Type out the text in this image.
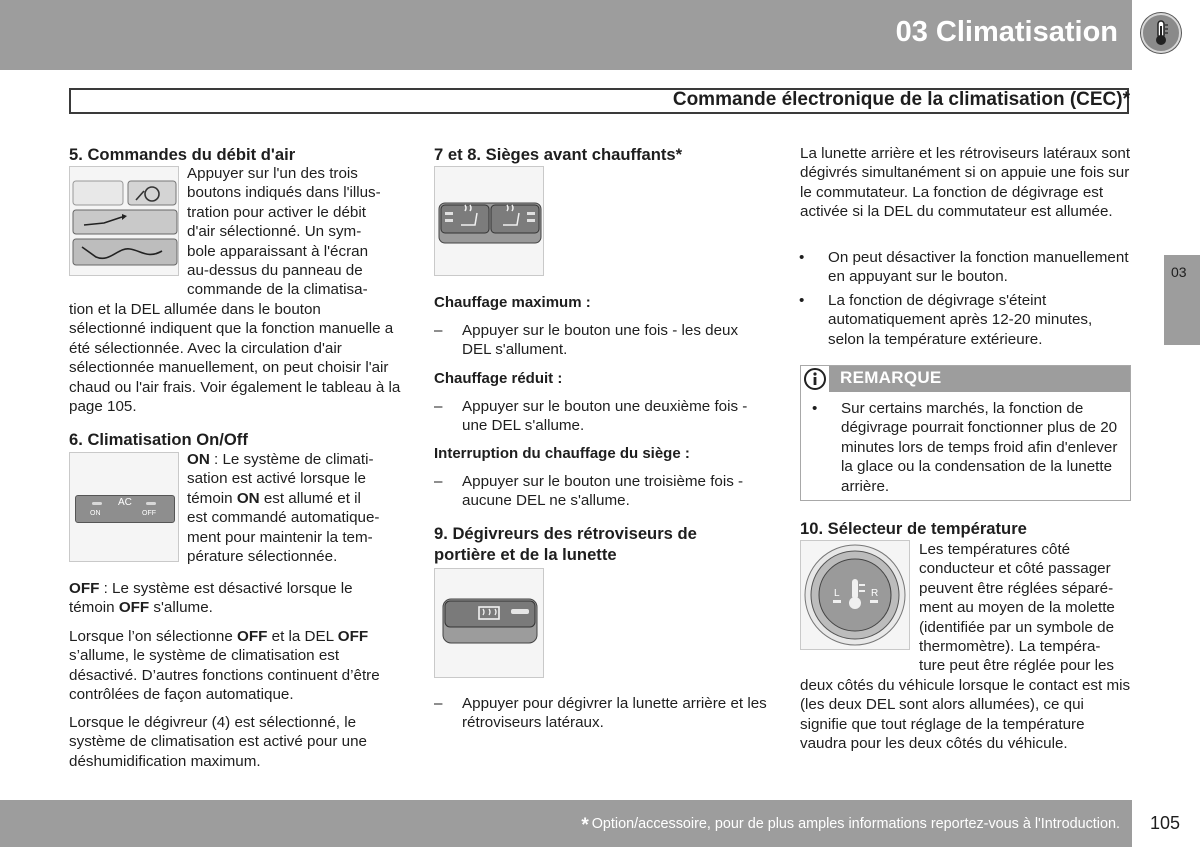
03 Climatisation
Commande électronique de la climatisation (CEC)*
03
5. Commandes du débit d'air

Appuyer sur l'un des trois

boutons indiqués dans l'illus-

tration pour activer le débit

d'air sélectionné. Un sym-

bole apparaissant à l'écran

au-dessus du panneau de

commande de la climatisa-

tion et la DEL allumée dans le bouton sélectionné indiquent que la fonction manuelle a été sélectionnée. Avec la circulation d'air sélectionnée manuellement, on peut choisir l'air chaud ou l'air frais. Voir également le tableau à la page 105.

6. Climatisation On/Off
AC
ON	OFF

ON : Le système de climati-

sation est activé lorsque le

témoin ON est allumé et il

est commandé automatique-

ment pour maintenir la tem-

pérature sélectionnée.

OFF : Le système est désactivé lorsque le

témoin OFF s'allume.

Lorsque l’on sélectionne OFF et la DEL OFF s’allume, le système de climatisation est désactivé. D’autres fonctions continuent d’être contrôlées de façon automatique.

Lorsque le dégivreur (4) est sélectionné, le système de climatisation est activé pour une déshumidification maximum.

7 et 8. Sièges avant chauffants*
Chauffage maximum :
– Appuyer sur le bouton une fois - les deux DEL s'allument.

Chauffage réduit :
– Appuyer sur le bouton une deuxième fois - une DEL s'allume.

Interruption du chauffage du siège :
– Appuyer sur le bouton une troisième fois - aucune DEL ne s'allume.

9. Dégivreurs des rétroviseurs de
portière et de la lunette
– Appuyer pour dégivrer la lunette arrière et les rétroviseurs latéraux.

La lunette arrière et les rétroviseurs latéraux sont dégivrés simultanément si on appuie une fois sur le commutateur. La fonction de dégivrage est activée si la DEL du commutateur est allumée.

• On peut désactiver la fonction manuellement en appuyant sur le bouton.

• La fonction de dégivrage s'éteint automatiquement après 12-20 minutes, selon la température extérieure.

REMARQUE
• Sur certains marchés, la fonction de dégivrage pourrait fonctionner plus de 20 minutes lors de temps froid afin d'enlever la glace ou la condensation de la lunette arrière.

10. Sélecteur de température
L	R

Les températures côté

conducteur et côté passager

peuvent être réglées séparé-

ment au moyen de la molette

(identifiée par un symbole de

thermomètre). La tempéra-

ture peut être réglée pour les

deux côtés du véhicule lorsque le contact est mis (les deux DEL sont alors allumées), ce qui signifie que tout réglage de la température vaudra pour les deux côtés du véhicule.

* Option/accessoire, pour de plus amples informations reportez-vous à l'Introduction. 105
